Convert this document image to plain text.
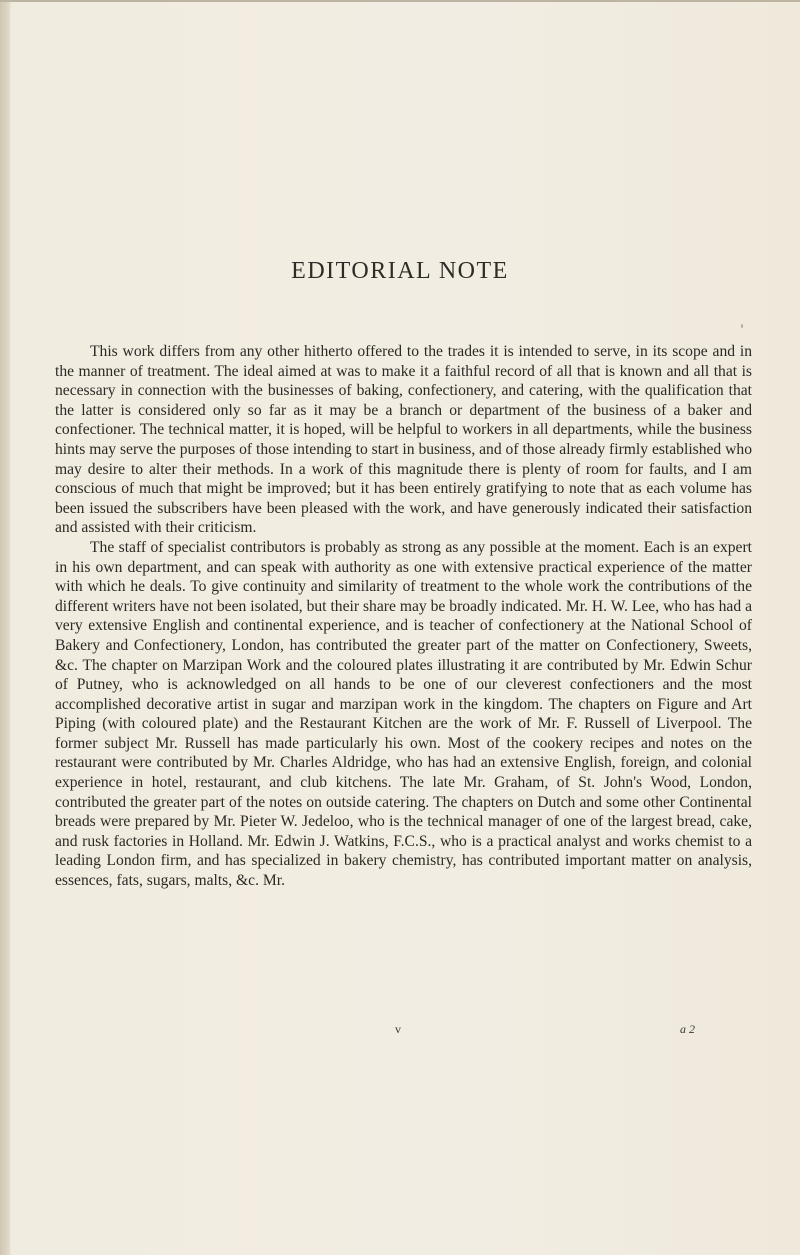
EDITORIAL NOTE

This work differs from any other hitherto offered to the trades it is intended to serve, in its scope and in the manner of treatment. The ideal aimed at was to make it a faithful record of all that is known and all that is necessary in connection with the businesses of baking, confectionery, and catering, with the qualification that the latter is considered only so far as it may be a branch or department of the business of a baker and confectioner. The technical matter, it is hoped, will be helpful to workers in all departments, while the business hints may serve the purposes of those intending to start in business, and of those already firmly established who may desire to alter their methods. In a work of this magnitude there is plenty of room for faults, and I am conscious of much that might be improved; but it has been entirely gratifying to note that as each volume has been issued the subscribers have been pleased with the work, and have generously indicated their satisfaction and assisted with their criticism.

The staff of specialist contributors is probably as strong as any possible at the moment. Each is an expert in his own department, and can speak with authority as one with extensive practical experience of the matter with which he deals. To give continuity and similarity of treatment to the whole work the contributions of the different writers have not been isolated, but their share may be broadly indicated. Mr. H. W. Lee, who has had a very extensive English and continental experience, and is teacher of confectionery at the National School of Bakery and Confectionery, London, has contributed the greater part of the matter on Confectionery, Sweets, &c. The chapter on Marzipan Work and the coloured plates illustrating it are contributed by Mr. Edwin Schur of Putney, who is acknowledged on all hands to be one of our cleverest confectioners and the most accomplished decorative artist in sugar and marzipan work in the kingdom. The chapters on Figure and Art Piping (with coloured plate) and the Restaurant Kitchen are the work of Mr. F. Russell of Liverpool. The former subject Mr. Russell has made particularly his own. Most of the cookery recipes and notes on the restaurant were contributed by Mr. Charles Aldridge, who has had an extensive English, foreign, and colonial experience in hotel, restaurant, and club kitchens. The late Mr. Graham, of St. John's Wood, London, contributed the greater part of the notes on outside catering. The chapters on Dutch and some other Continental breads were prepared by Mr. Pieter W. Jedeloo, who is the technical manager of one of the largest bread, cake, and rusk factories in Holland. Mr. Edwin J. Watkins, F.C.S., who is a practical analyst and works chemist to a leading London firm, and has specialized in bakery chemistry, has contributed important matter on analysis, essences, fats, sugars, malts, &c. Mr.

v	a 2
